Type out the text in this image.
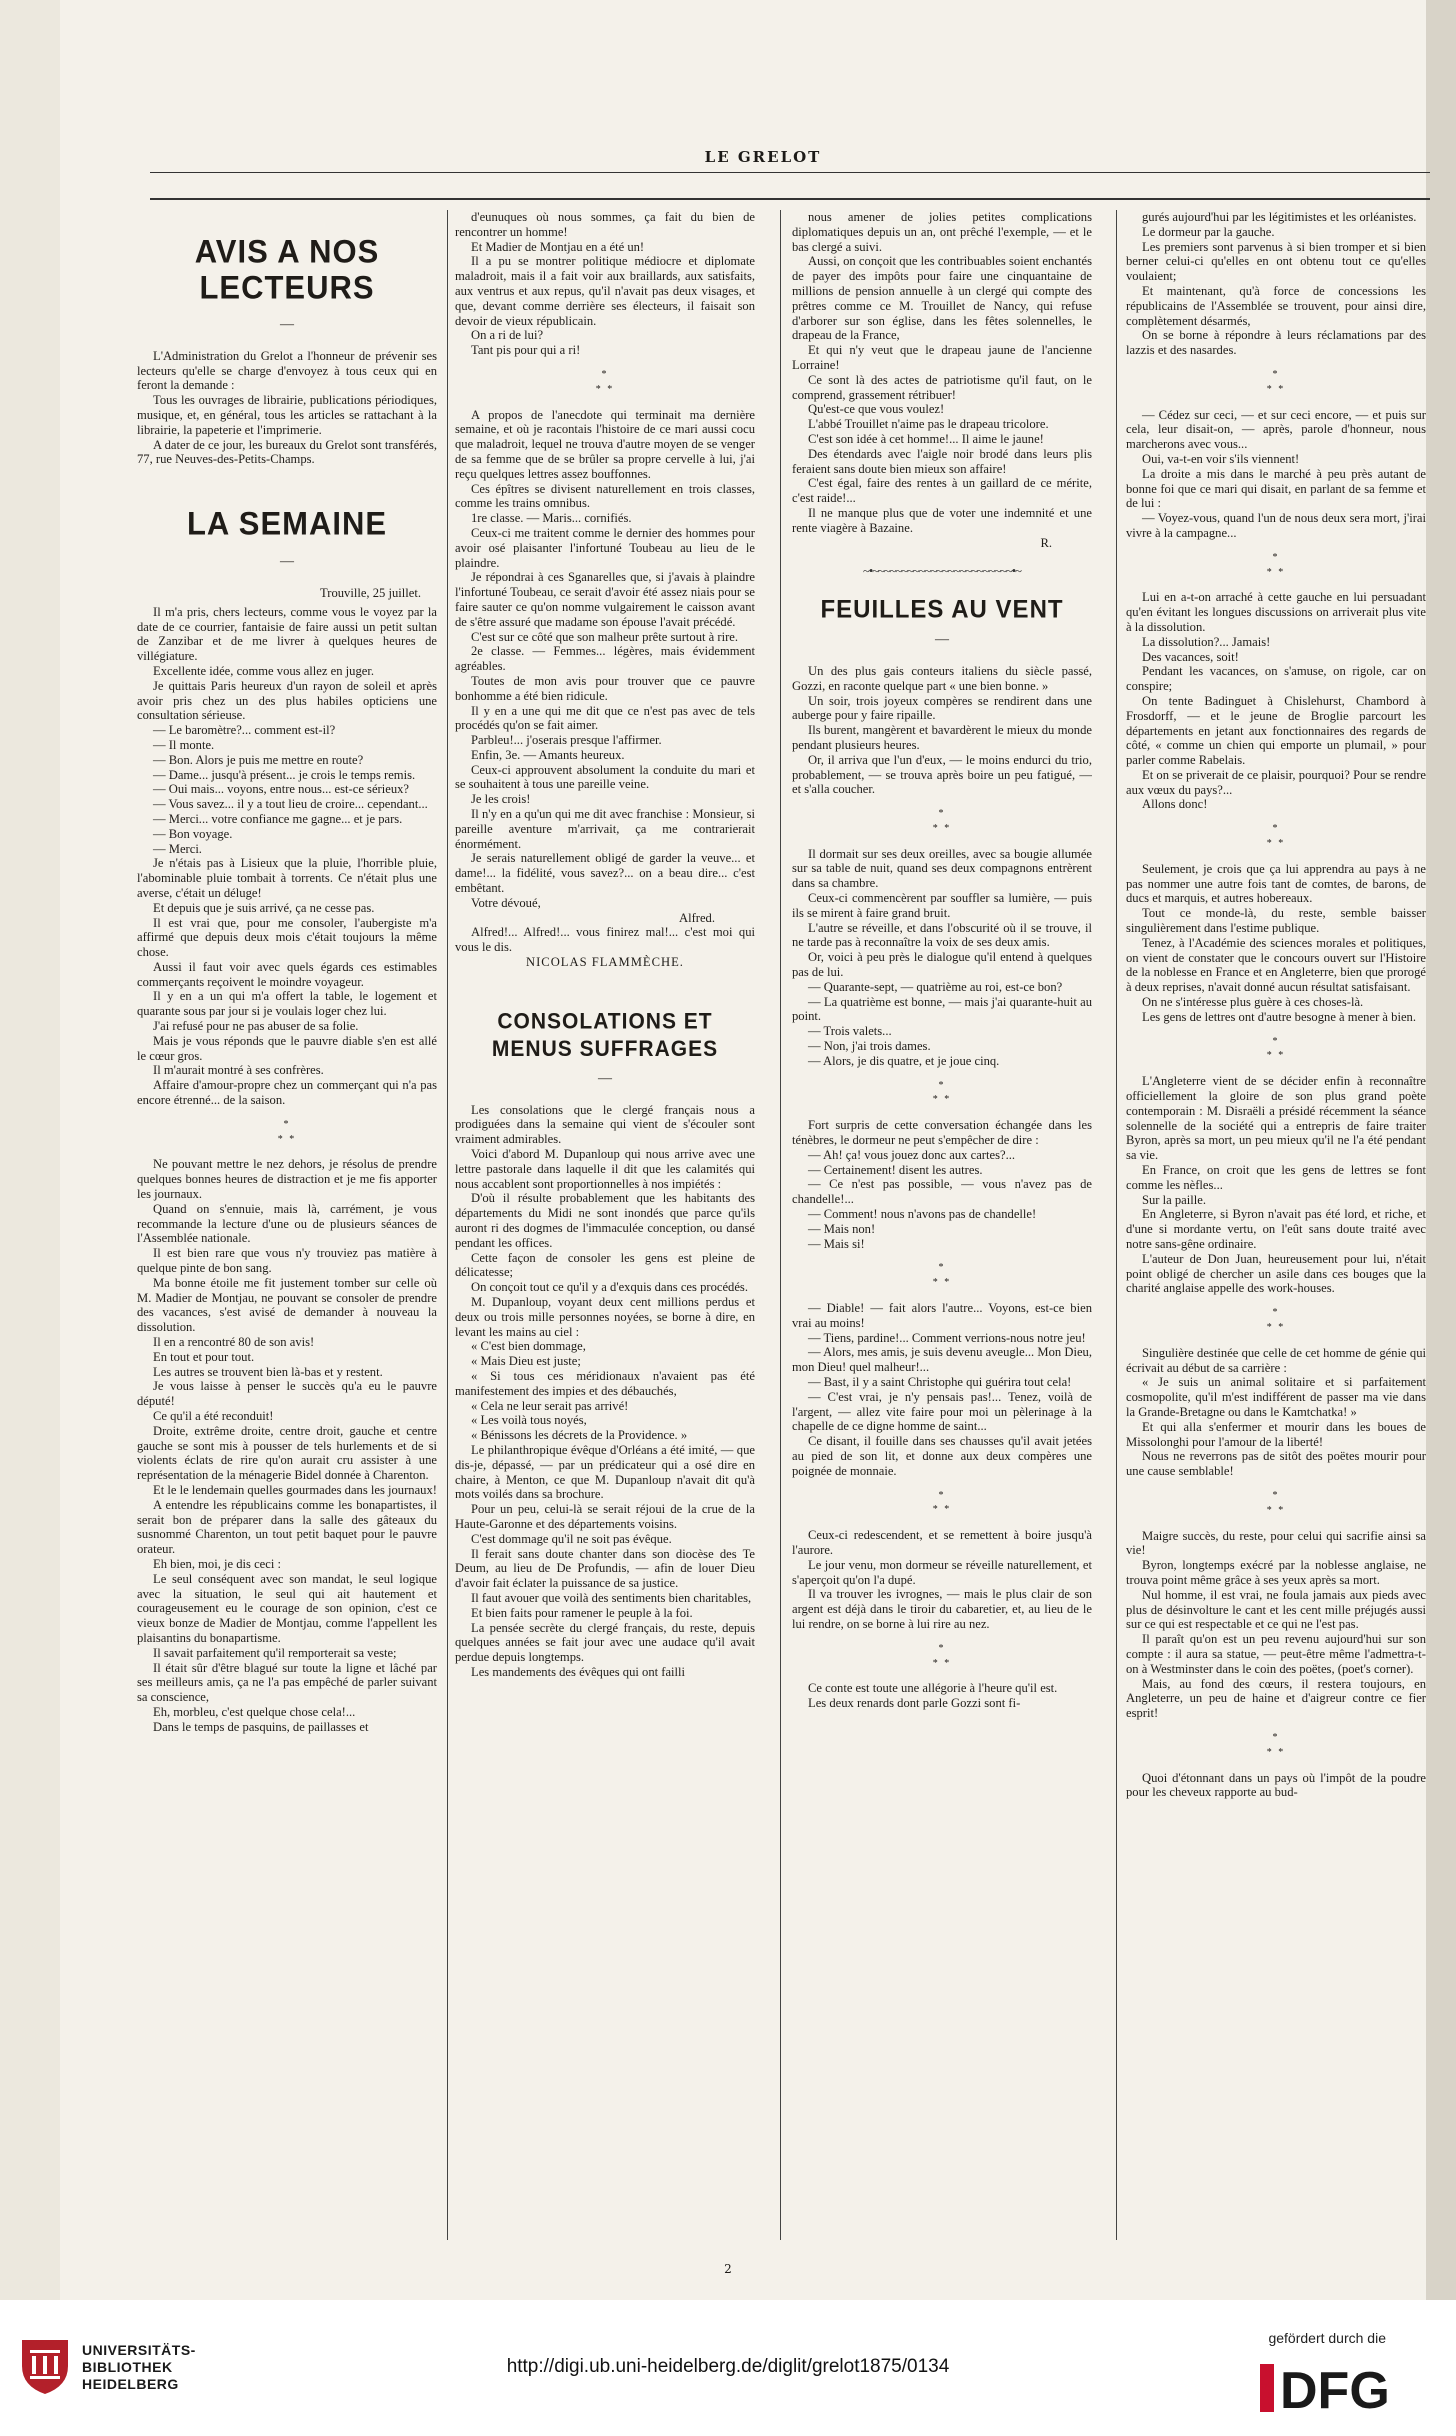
LE GRELOT
AVIS A NOS LECTEURS
—

L'Administration du Grelot a l'honneur de prévenir ses lecteurs qu'elle se charge d'envoyez à tous ceux qui en feront la demande :

Tous les ouvrages de librairie, publications périodiques, musique, et, en général, tous les articles se rattachant à la librairie, la papeterie et l'imprimerie.

A dater de ce jour, les bureaux du Grelot sont transférés, 77, rue Neuves-des-Petits-Champs.

LA SEMAINE
—

Trouville, 25 juillet.

Il m'a pris, chers lecteurs, comme vous le voyez par la date de ce courrier, fantaisie de faire aussi un petit sultan de Zanzibar et de me livrer à quelques heures de villégiature.

Excellente idée, comme vous allez en juger.

Je quittais Paris heureux d'un rayon de soleil et après avoir pris chez un des plus habiles opticiens une consultation sérieuse.

— Le baromètre?... comment est-il?

— Il monte.

— Bon. Alors je puis me mettre en route?

— Dame... jusqu'à présent... je crois le temps remis.

— Oui mais... voyons, entre nous... est-ce sérieux?

— Vous savez... il y a tout lieu de croire... cependant...

— Merci... votre confiance me gagne... et je pars.

— Bon voyage.

— Merci.

Je n'étais pas à Lisieux que la pluie, l'horrible pluie, l'abominable pluie tombait à torrents. Ce n'était plus une averse, c'était un déluge!

Et depuis que je suis arrivé, ça ne cesse pas.

Il est vrai que, pour me consoler, l'aubergiste m'a affirmé que depuis deux mois c'était toujours la même chose.

Aussi il faut voir avec quels égards ces estimables commerçants reçoivent le moindre voyageur.

Il y en a un qui m'a offert la table, le logement et quarante sous par jour si je voulais loger chez lui.

J'ai refusé pour ne pas abuser de sa folie.

Mais je vous réponds que le pauvre diable s'en est allé le cœur gros.

Il m'aurait montré à ses confrères.

Affaire d'amour-propre chez un commerçant qui n'a pas encore étrenné... de la saison.

*
* *

Ne pouvant mettre le nez dehors, je résolus de prendre quelques bonnes heures de distraction et je me fis apporter les journaux.

Quand on s'ennuie, mais là, carrément, je vous recommande la lecture d'une ou de plusieurs séances de l'Assemblée nationale.

Il est bien rare que vous n'y trouviez pas matière à quelque pinte de bon sang.

Ma bonne étoile me fit justement tomber sur celle où M. Madier de Montjau, ne pouvant se consoler de prendre des vacances, s'est avisé de demander à nouveau la dissolution.

Il en a rencontré 80 de son avis!

En tout et pour tout.

Les autres se trouvent bien là-bas et y restent.

Je vous laisse à penser le succès qu'a eu le pauvre député!

Ce qu'il a été reconduit!

Droite, extrême droite, centre droit, gauche et centre gauche se sont mis à pousser de tels hurlements et de si violents éclats de rire qu'on aurait cru assister à une représentation de la ménagerie Bidel donnée à Charenton.

Et le le lendemain quelles gourmades dans les journaux!

A entendre les républicains comme les bonapartistes, il serait bon de préparer dans la salle des gâteaux du susnommé Charenton, un tout petit baquet pour le pauvre orateur.

Eh bien, moi, je dis ceci :

Le seul conséquent avec son mandat, le seul logique avec la situation, le seul qui ait hautement et courageusement eu le courage de son opinion, c'est ce vieux bonze de Madier de Montjau, comme l'appellent les plaisantins du bonapartisme.

Il savait parfaitement qu'il remporterait sa veste;

Il était sûr d'être blagué sur toute la ligne et lâché par ses meilleurs amis, ça ne l'a pas empêché de parler suivant sa conscience,

Eh, morbleu, c'est quelque chose cela!...

Dans le temps de pasquins, de paillasses et

d'eunuques où nous sommes, ça fait du bien de rencontrer un homme!

Et Madier de Montjau en a été un!

Il a pu se montrer politique médiocre et diplomate maladroit, mais il a fait voir aux braillards, aux satisfaits, aux ventrus et aux repus, qu'il n'avait pas deux visages, et que, devant comme derrière ses électeurs, il faisait son devoir de vieux républicain.

On a ri de lui?

Tant pis pour qui a ri!

*
* *

A propos de l'anecdote qui terminait ma dernière semaine, et où je racontais l'histoire de ce mari aussi cocu que maladroit, lequel ne trouva d'autre moyen de se venger de sa femme que de se brûler sa propre cervelle à lui, j'ai reçu quelques lettres assez bouffonnes.

Ces épîtres se divisent naturellement en trois classes, comme les trains omnibus.

1re classe. — Maris... cornifiés.

Ceux-ci me traitent comme le dernier des hommes pour avoir osé plaisanter l'infortuné Toubeau au lieu de le plaindre.

Je répondrai à ces Sganarelles que, si j'avais à plaindre l'infortuné Toubeau, ce serait d'avoir été assez niais pour se faire sauter ce qu'on nomme vulgairement le caisson avant de s'être assuré que madame son épouse l'avait précédé.

C'est sur ce côté que son malheur prête surtout à rire.

2e classe. — Femmes... légères, mais évidemment agréables.

Toutes de mon avis pour trouver que ce pauvre bonhomme a été bien ridicule.

Il y en a une qui me dit que ce n'est pas avec de tels procédés qu'on se fait aimer.

Parbleu!... j'oserais presque l'affirmer.

Enfin, 3e. — Amants heureux.

Ceux-ci approuvent absolument la conduite du mari et se souhaitent à tous une pareille veine.

Je les crois!

Il n'y en a qu'un qui me dit avec franchise : Monsieur, si pareille aventure m'arrivait, ça me contrarierait énormément.

Je serais naturellement obligé de garder la veuve... et dame!... la fidélité, vous savez?... on a beau dire... c'est embêtant.

Votre dévoué,

Alfred.

Alfred!... Alfred!... vous finirez mal!... c'est moi qui vous le dis.

NICOLAS FLAMMÈCHE.

CONSOLATIONS ET MENUS SUFFRAGES
—

Les consolations que le clergé français nous a prodiguées dans la semaine qui vient de s'écouler sont vraiment admirables.

Voici d'abord M. Dupanloup qui nous arrive avec une lettre pastorale dans laquelle il dit que les calamités qui nous accablent sont proportionnelles à nos impiétés :

D'où il résulte probablement que les habitants des départements du Midi ne sont inondés que parce qu'ils auront ri des dogmes de l'immaculée conception, ou dansé pendant les offices.

Cette façon de consoler les gens est pleine de délicatesse;

On conçoit tout ce qu'il y a d'exquis dans ces procédés.

M. Dupanloup, voyant deux cent millions perdus et deux ou trois mille personnes noyées, se borne à dire, en levant les mains au ciel :

« C'est bien dommage,

« Mais Dieu est juste;

« Si tous ces méridionaux n'avaient pas été manifestement des impies et des débauchés,

« Cela ne leur serait pas arrivé!

« Les voilà tous noyés,

« Bénissons les décrets de la Providence. »

Le philanthropique évêque d'Orléans a été imité, — que dis-je, dépassé, — par un prédicateur qui a osé dire en chaire, à Menton, ce que M. Dupanloup n'avait dit qu'à mots voilés dans sa brochure.

Pour un peu, celui-là se serait réjoui de la crue de la Haute-Garonne et des départements voisins.

C'est dommage qu'il ne soit pas évêque.

Il ferait sans doute chanter dans son diocèse des Te Deum, au lieu de De Profundis, — afin de louer Dieu d'avoir fait éclater la puissance de sa justice.

Il faut avouer que voilà des sentiments bien charitables,

Et bien faits pour ramener le peuple à la foi.

La pensée secrète du clergé français, du reste, depuis quelques années se fait jour avec une audace qu'il avait perdue depuis longtemps.

Les mandements des évêques qui ont failli

nous amener de jolies petites complications diplomatiques depuis un an, ont prêché l'exemple, — et le bas clergé a suivi.

Aussi, on conçoit que les contribuables soient enchantés de payer des impôts pour faire une cinquantaine de millions de pension annuelle à un clergé qui compte des prêtres comme ce M. Trouillet de Nancy, qui refuse d'arborer sur son église, dans les fêtes solennelles, le drapeau de la France,

Et qui n'y veut que le drapeau jaune de l'ancienne Lorraine!

Ce sont là des actes de patriotisme qu'il faut, on le comprend, grassement rétribuer!

Qu'est-ce que vous voulez!

L'abbé Trouillet n'aime pas le drapeau tricolore.

C'est son idée à cet homme!... Il aime le jaune!

Des étendards avec l'aigle noir brodé dans leurs plis feraient sans doute bien mieux son affaire!

C'est égal, faire des rentes à un gaillard de ce mérite, c'est raide!...

Il ne manque plus que de voter une indemnité et une rente viagère à Bazaine.

R.

~•~~~~~~~~~~~~~~~~~~~~~~~~•~
FEUILLES AU VENT
—

Un des plus gais conteurs italiens du siècle passé, Gozzi, en raconte quelque part « une bien bonne. »

Un soir, trois joyeux compères se rendirent dans une auberge pour y faire ripaille.

Ils burent, mangèrent et bavardèrent le mieux du monde pendant plusieurs heures.

Or, il arriva que l'un d'eux, — le moins endurci du trio, probablement, — se trouva après boire un peu fatigué, — et s'alla coucher.

*
* *

Il dormait sur ses deux oreilles, avec sa bougie allumée sur sa table de nuit, quand ses deux compagnons entrèrent dans sa chambre.

Ceux-ci commencèrent par souffler sa lumière, — puis ils se mirent à faire grand bruit.

L'autre se réveille, et dans l'obscurité où il se trouve, il ne tarde pas à reconnaître la voix de ses deux amis.

Or, voici à peu près le dialogue qu'il entend à quelques pas de lui.

— Quarante-sept, — quatrième au roi, est-ce bon?

— La quatrième est bonne, — mais j'ai quarante-huit au point.

— Trois valets...

— Non, j'ai trois dames.

— Alors, je dis quatre, et je joue cinq.

*
* *

Fort surpris de cette conversation échangée dans les ténèbres, le dormeur ne peut s'empêcher de dire :

— Ah! ça! vous jouez donc aux cartes?...

— Certainement! disent les autres.

— Ce n'est pas possible, — vous n'avez pas de chandelle!...

— Comment! nous n'avons pas de chandelle!

— Mais non!

— Mais si!

*
* *

— Diable! — fait alors l'autre... Voyons, est-ce bien vrai au moins!

— Tiens, pardine!... Comment verrions-nous notre jeu!

— Alors, mes amis, je suis devenu aveugle... Mon Dieu, mon Dieu! quel malheur!...

— Bast, il y a saint Christophe qui guérira tout cela!

— C'est vrai, je n'y pensais pas!... Tenez, voilà de l'argent, — allez vite faire pour moi un pèlerinage à la chapelle de ce digne homme de saint...

Ce disant, il fouille dans ses chausses qu'il avait jetées au pied de son lit, et donne aux deux compères une poignée de monnaie.

*
* *

Ceux-ci redescendent, et se remettent à boire jusqu'à l'aurore.

Le jour venu, mon dormeur se réveille naturellement, et s'aperçoit qu'on l'a dupé.

Il va trouver les ivrognes, — mais le plus clair de son argent est déjà dans le tiroir du cabaretier, et, au lieu de le lui rendre, on se borne à lui rire au nez.

*
* *

Ce conte est toute une allégorie à l'heure qu'il est.

Les deux renards dont parle Gozzi sont fi-

gurés aujourd'hui par les légitimistes et les orléanistes.

Le dormeur par la gauche.

Les premiers sont parvenus à si bien tromper et si bien berner celui-ci qu'elles en ont obtenu tout ce qu'elles voulaient;

Et maintenant, qu'à force de concessions les républicains de l'Assemblée se trouvent, pour ainsi dire, complètement désarmés,

On se borne à répondre à leurs réclamations par des lazzis et des nasardes.

*
* *

— Cédez sur ceci, — et sur ceci encore, — et puis sur cela, leur disait-on, — après, parole d'honneur, nous marcherons avec vous...

Oui, va-t-en voir s'ils viennent!

La droite a mis dans le marché à peu près autant de bonne foi que ce mari qui disait, en parlant de sa femme et de lui :

— Voyez-vous, quand l'un de nous deux sera mort, j'irai vivre à la campagne...

*
* *

Lui en a-t-on arraché à cette gauche en lui persuadant qu'en évitant les longues discussions on arriverait plus vite à la dissolution.

La dissolution?... Jamais!

Des vacances, soit!

Pendant les vacances, on s'amuse, on rigole, car on conspire;

On tente Badinguet à Chislehurst, Chambord à Frosdorff, — et le jeune de Broglie parcourt les départements en jetant aux fonctionnaires des regards de côté, « comme un chien qui emporte un plumail, » pour parler comme Rabelais.

Et on se priverait de ce plaisir, pourquoi? Pour se rendre aux vœux du pays?...

Allons donc!

*
* *

Seulement, je crois que ça lui apprendra au pays à ne pas nommer une autre fois tant de comtes, de barons, de ducs et marquis, et autres hobereaux.

Tout ce monde-là, du reste, semble baisser singulièrement dans l'estime publique.

Tenez, à l'Académie des sciences morales et politiques, on vient de constater que le concours ouvert sur l'Histoire de la noblesse en France et en Angleterre, bien que prorogé à deux reprises, n'avait donné aucun résultat satisfaisant.

On ne s'intéresse plus guère à ces choses-là.

Les gens de lettres ont d'autre besogne à mener à bien.

*
* *

L'Angleterre vient de se décider enfin à reconnaître officiellement la gloire de son plus grand poète contemporain : M. Disraëli a présidé récemment la séance solennelle de la société qui a entrepris de faire traiter Byron, après sa mort, un peu mieux qu'il ne l'a été pendant sa vie.

En France, on croit que les gens de lettres se font comme les nèfles...

Sur la paille.

En Angleterre, si Byron n'avait pas été lord, et riche, et d'une si mordante vertu, on l'eût sans doute traité avec notre sans-gêne ordinaire.

L'auteur de Don Juan, heureusement pour lui, n'était point obligé de chercher un asile dans ces bouges que la charité anglaise appelle des work-houses.

*
* *

Singulière destinée que celle de cet homme de génie qui écrivait au début de sa carrière :

« Je suis un animal solitaire et si parfaitement cosmopolite, qu'il m'est indifférent de passer ma vie dans la Grande-Bretagne ou dans le Kamtchatka! »

Et qui alla s'enfermer et mourir dans les boues de Missolonghi pour l'amour de la liberté!

Nous ne reverrons pas de sitôt des poëtes mourir pour une cause semblable!

*
* *

Maigre succès, du reste, pour celui qui sacrifie ainsi sa vie!

Byron, longtemps exécré par la noblesse anglaise, ne trouva point même grâce à ses yeux après sa mort.

Nul homme, il est vrai, ne foula jamais aux pieds avec plus de désinvolture le cant et les cent mille préjugés aussi sur ce qui est respectable et ce qui ne l'est pas.

Il paraît qu'on est un peu revenu aujourd'hui sur son compte : il aura sa statue, — peut-être même l'admettra-t-on à Westminster dans le coin des poëtes, (poet's corner).

Mais, au fond des cœurs, il restera toujours, en Angleterre, un peu de haine et d'aigreur contre ce fier esprit!

*
* *

Quoi d'étonnant dans un pays où l'impôt de la poudre pour les cheveux rapporte au bud-

2
UNIVERSITÄTS-
BIBLIOTHEK
HEIDELBERG
http://digi.ub.uni-heidelberg.de/diglit/grelot1875/0134
gefördert durch die
DFG
